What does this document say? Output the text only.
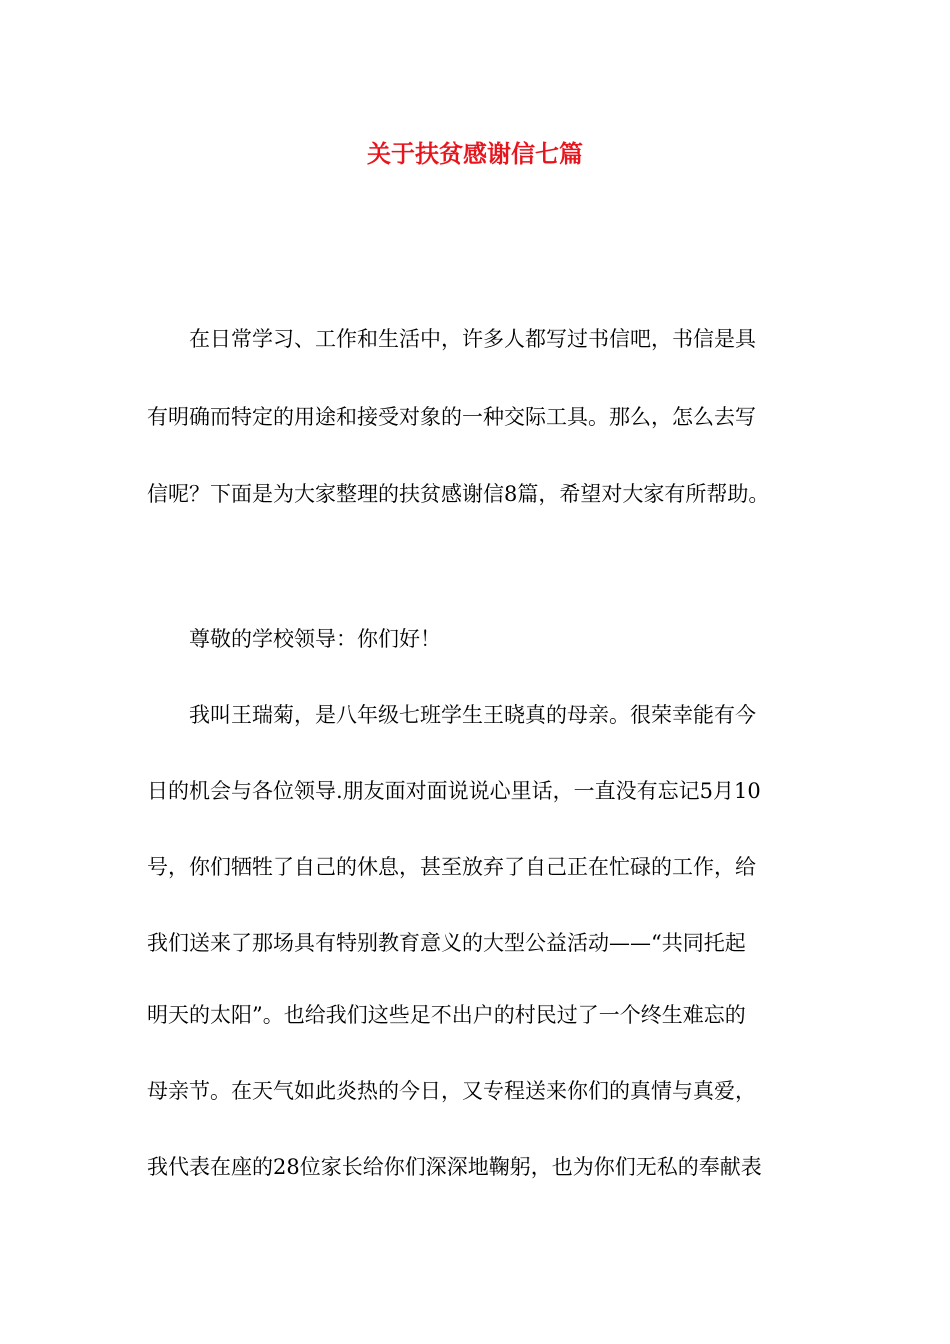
关于扶贫感谢信七篇
在日常学习、工作和生活中，许多人都写过书信吧，书信是具
有明确而特定的用途和接受对象的一种交际工具。那么，怎么去写
信呢？下面是为大家整理的扶贫感谢信8篇，希望对大家有所帮助。
尊敬的学校领导：你们好！
我叫王瑞菊，是八年级七班学生王晓真的母亲。很荣幸能有今
日的机会与各位领导.朋友面对面说说心里话，一直没有忘记5月10
号，你们牺牲了自己的休息，甚至放弃了自己正在忙碌的工作，给
我们送来了那场具有特别教育意义的大型公益活动——“共同托起
明天的太阳”。也给我们这些足不出户的村民过了一个终生难忘的
母亲节。在天气如此炎热的今日，又专程送来你们的真情与真爱，
我代表在座的28位家长给你们深深地鞠躬，也为你们无私的奉献表
